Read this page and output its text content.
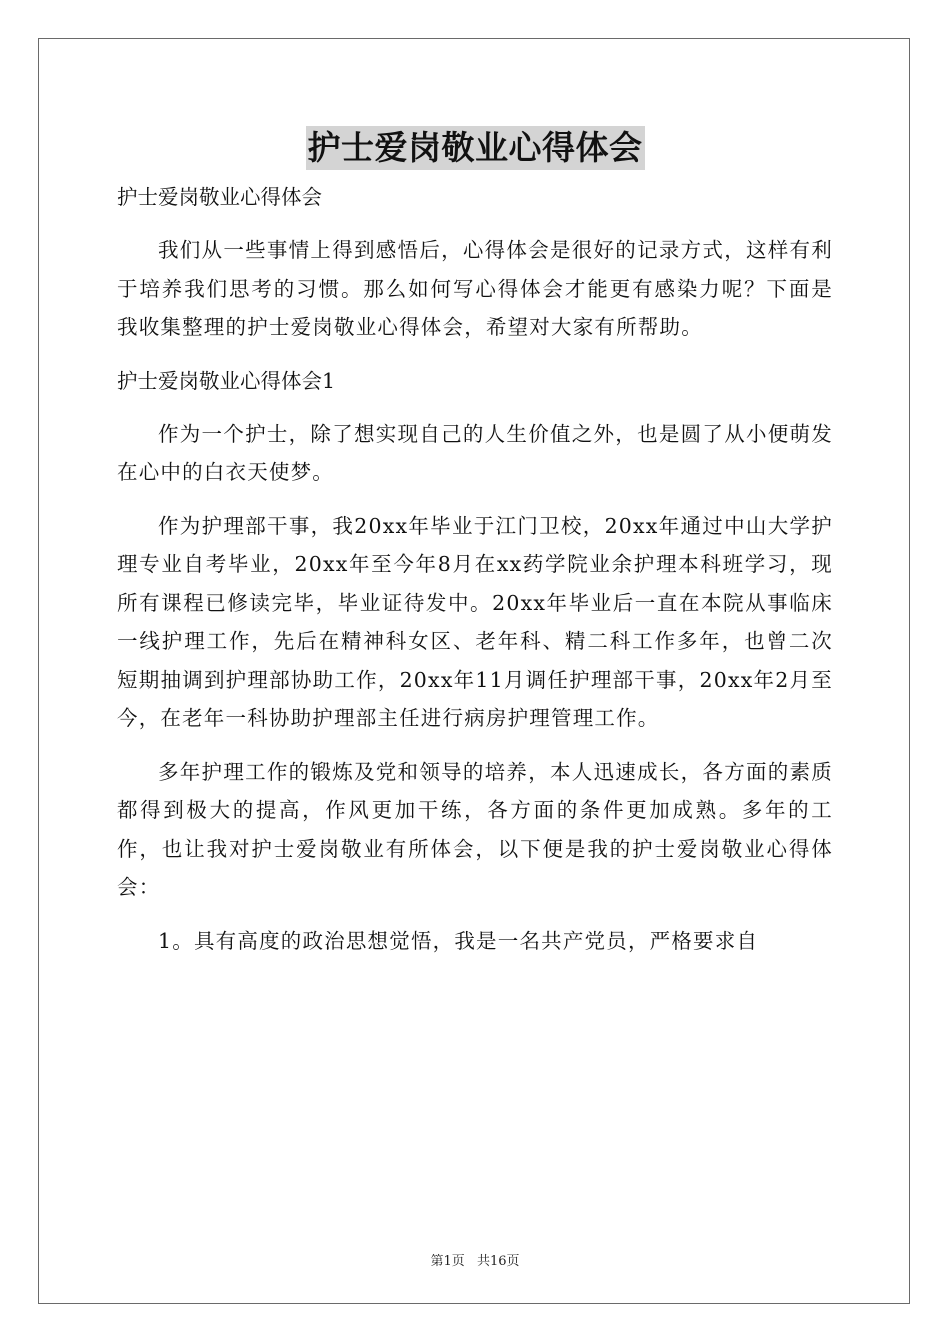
护士爱岗敬业心得体会

护士爱岗敬业心得体会

我们从一些事情上得到感悟后，心得体会是很好的记录方式，这样有利于培养我们思考的习惯。那么如何写心得体会才能更有感染力呢？下面是我收集整理的护士爱岗敬业心得体会，希望对大家有所帮助。

护士爱岗敬业心得体会1

作为一个护士，除了想实现自己的人生价值之外，也是圆了从小便萌发在心中的白衣天使梦。

作为护理部干事，我20xx年毕业于江门卫校，20xx年通过中山大学护理专业自考毕业，20xx年至今年8月在xx药学院业余护理本科班学习，现所有课程已修读完毕，毕业证待发中。20xx年毕业后一直在本院从事临床一线护理工作，先后在精神科女区、老年科、精二科工作多年，也曾二次短期抽调到护理部协助工作，20xx年11月调任护理部干事，20xx年2月至今，在老年一科协助护理部主任进行病房护理管理工作。

多年护理工作的锻炼及党和领导的培养，本人迅速成长，各方面的素质都得到极大的提高，作风更加干练，各方面的条件更加成熟。多年的工作，也让我对护士爱岗敬业有所体会，以下便是我的护士爱岗敬业心得体会：

1。具有高度的政治思想觉悟，我是一名共产党员，严格要求自

第1页 共16页
